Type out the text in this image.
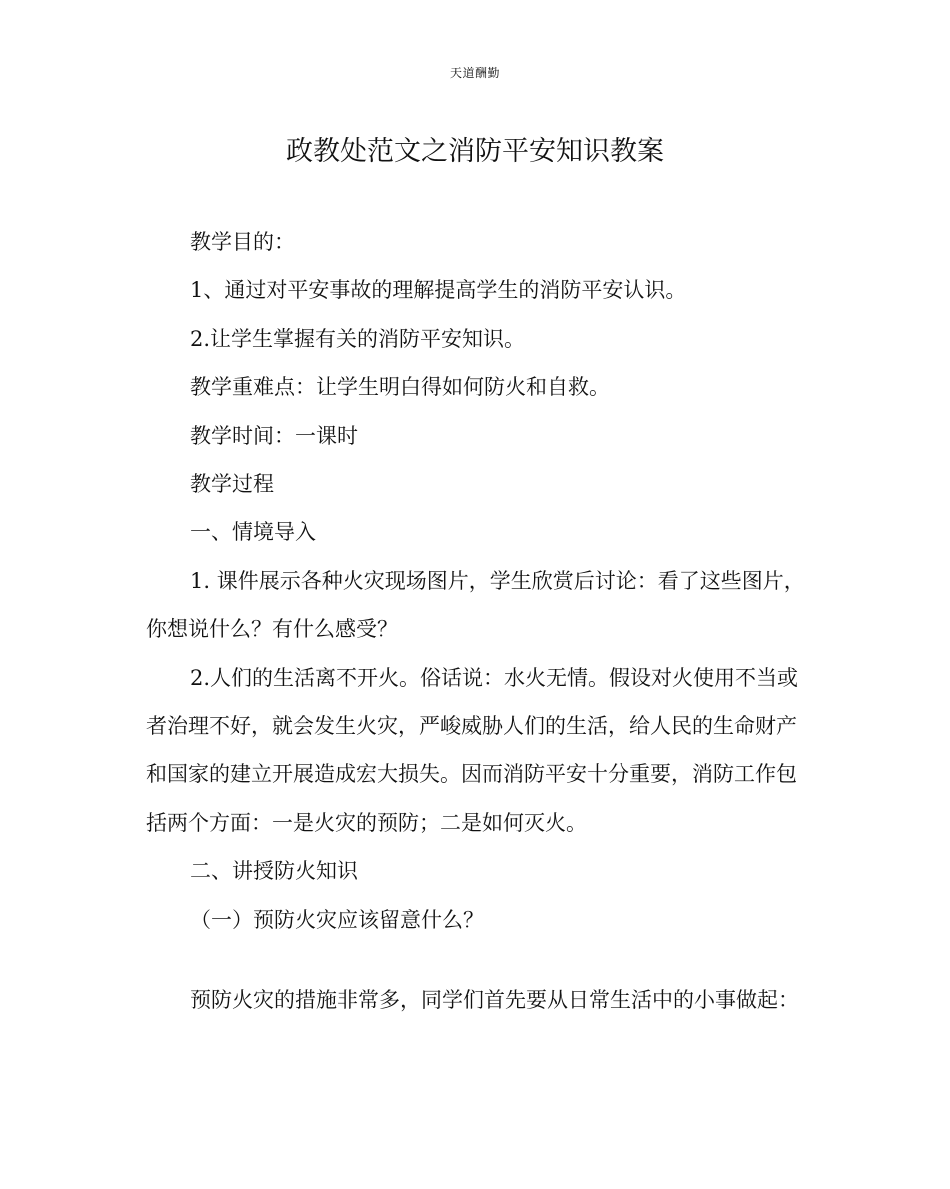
天道酬勤
政教处范文之消防平安知识教案

教学目的：

1、通过对平安事故的理解提高学生的消防平安认识。

2.让学生掌握有关的消防平安知识。

教学重难点：让学生明白得如何防火和自救。

教学时间：一课时

教学过程

一、情境导入

1. 课件展示各种火灾现场图片，学生欣赏后讨论：看了这些图片，你想说什么？有什么感受？

2.人们的生活离不开火。俗话说：水火无情。假设对火使用不当或者治理不好，就会发生火灾，严峻威胁人们的生活，给人民的生命财产和国家的建立开展造成宏大损失。因而消防平安十分重要，消防工作包括两个方面：一是火灾的预防；二是如何灭火。

二、讲授防火知识

（一）预防火灾应该留意什么？

预防火灾的措施非常多，同学们首先要从日常生活中的小事做起：
